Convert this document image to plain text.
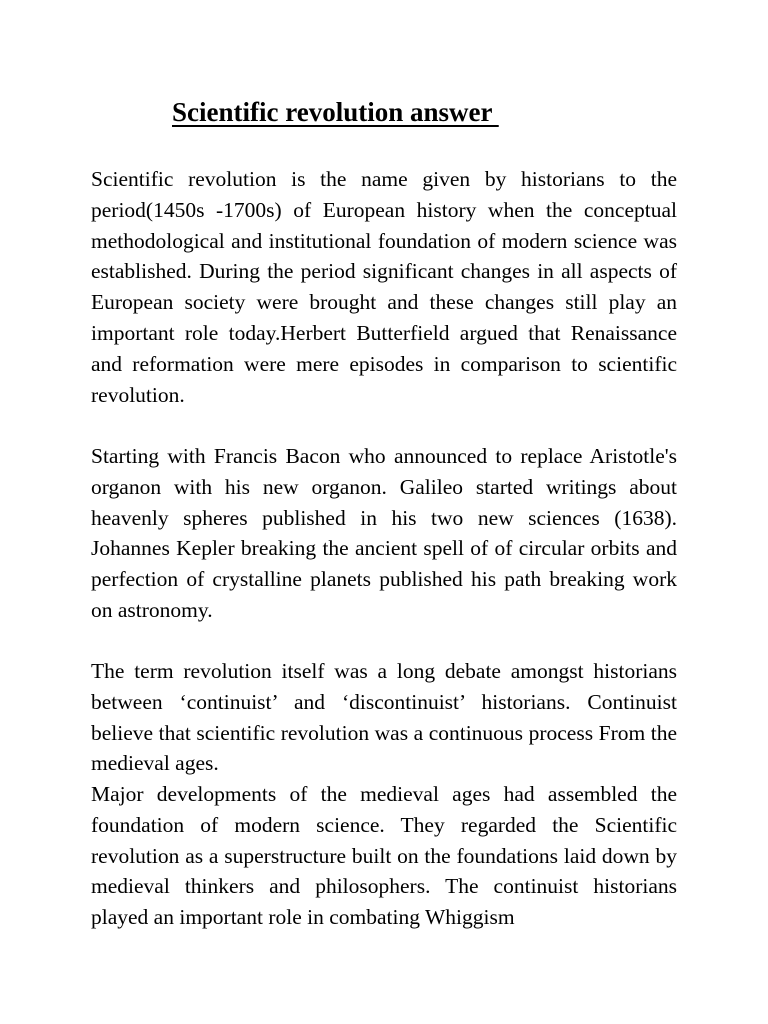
Scientific revolution answer

Scientific revolution is the name given by historians to the period(1450s -1700s) of European history when the conceptual methodological and institutional foundation of modern science was established. During the period significant changes in all aspects of European society were brought and these changes still play an important role today.Herbert Butterfield argued that Renaissance and reformation were mere episodes in comparison to scientific revolution.

Starting with Francis Bacon who announced to replace Aristotle's organon with his new organon. Galileo started writings about heavenly spheres published in his two new sciences (1638). Johannes Kepler breaking the ancient spell of of circular orbits and perfection of crystalline planets published his path breaking work on astronomy.

The term revolution itself was a long debate amongst historians between ‘continuist’ and ‘discontinuist’ historians. Continuist believe that scientific revolution was a continuous process From the medieval ages.

Major developments of the medieval ages had assembled the foundation of modern science. They regarded the Scientific revolution as a superstructure built on the foundations laid down by medieval thinkers and philosophers. The continuist historians played an important role in combating Whiggism
